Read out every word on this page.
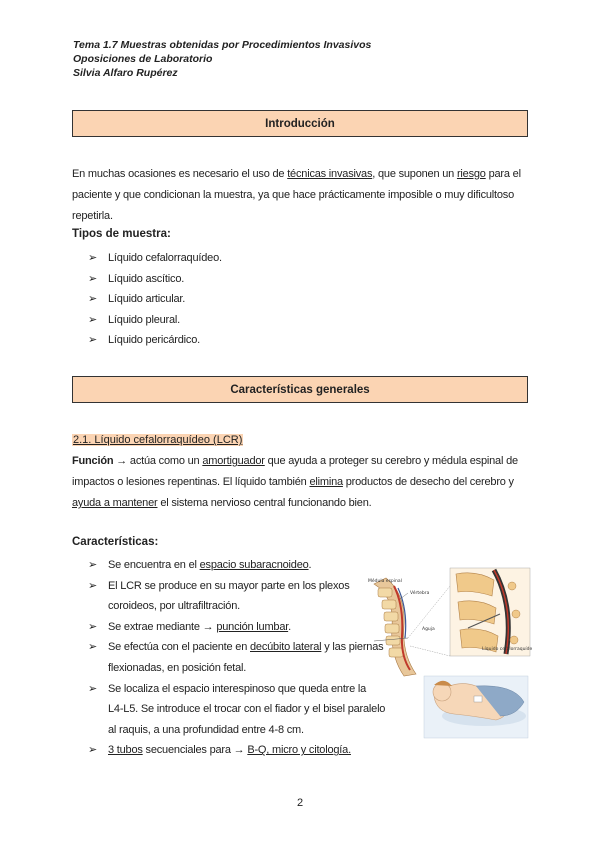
Tema 1.7 Muestras obtenidas por Procedimientos Invasivos
Oposiciones de Laboratorio
Silvia Alfaro Rupérez
Introducción
En muchas ocasiones es necesario el uso de técnicas invasivas, que suponen un riesgo para el paciente y que condicionan la muestra, ya que hace prácticamente imposible o muy dificultoso repetirla.
Tipos de muestra:
➢ Líquido cefalorraquídeo.
➢ Líquido ascítico.
➢ Líquido articular.
➢ Líquido pleural.
➢ Líquido pericárdico.
Características generales
2.1. Líquido cefalorraquídeo (LCR)
Función → actúa como un amortiguador que ayuda a proteger su cerebro y médula espinal de impactos o lesiones repentinas. El líquido también elimina productos de desecho del cerebro y ayuda a mantener el sistema nervioso central funcionando bien.
Características:
➢ Se encuentra en el espacio subaracnoideo.
➢ El LCR se produce en su mayor parte en los plexos
coroideos, por ultrafiltración.
➢ Se extrae mediante → punción lumbar.
➢ Se efectúa con el paciente en decúbito lateral y las piernas
flexionadas, en posición fetal.
➢ Se localiza el espacio interespinoso que queda entre la
L4-L5. Se introduce el trocar con el fiador y el bisel paralelo
al raquis, a una profundidad entre 4-8 cm.
➢ 3 tubos secuenciales para → B-Q, micro y citología.
Médula espinal
Vértebra
Aguja
Líquido cefalorraquídeo
2
